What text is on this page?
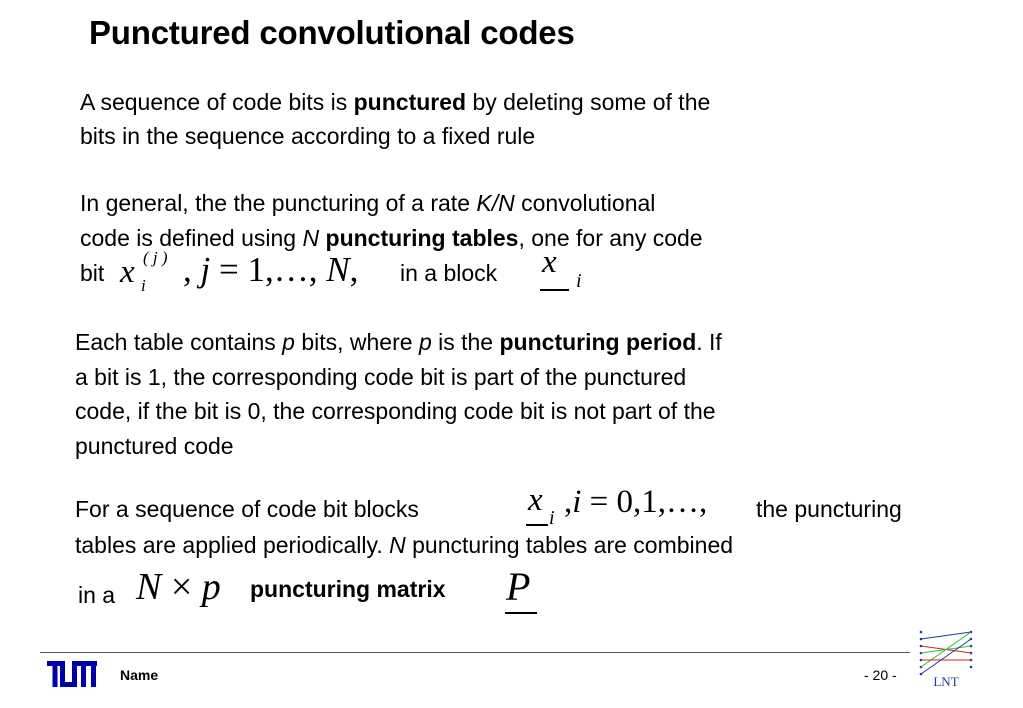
Punctured convolutional codes
A sequence of code bits is punctured by deleting some of the
bits in the sequence according to a fixed rule
In general, the the puncturing of a rate K/N convolutional
code is defined using N puncturing tables, one for any code
bit x ( j )
i , j = 1,…, N, in a block x
i
Each table contains p bits, where p is the puncturing period. If
a bit is 1, the corresponding code bit is part of the punctured
code, if the bit is 0, the corresponding code bit is not part of the
punctured code
For a sequence of code bit blocks	x i ,i = 0,1,…, the puncturing
tables are applied periodically. N puncturing tables are combined
in a N × p puncturing matrix P
Name	- 20 -	LNT
